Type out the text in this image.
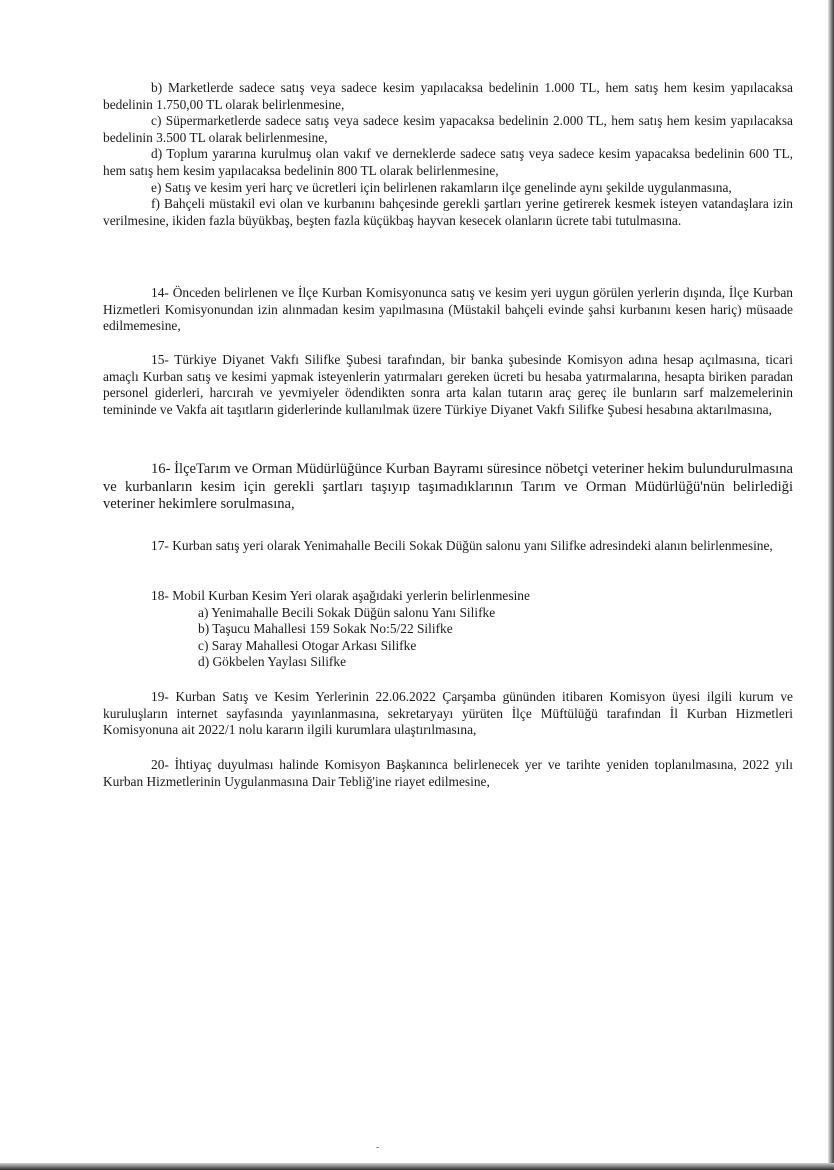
b) Marketlerde sadece satış veya sadece kesim yapılacaksa bedelinin 1.000 TL, hem satış hem kesim yapılacaksa bedelinin 1.750,00 TL olarak belirlenmesine,

c) Süpermarketlerde sadece satış veya sadece kesim yapacaksa bedelinin 2.000 TL, hem satış hem kesim yapılacaksa bedelinin 3.500 TL olarak belirlenmesine,

d) Toplum yararına kurulmuş olan vakıf ve derneklerde sadece satış veya sadece kesim yapacaksa bedelinin 600 TL, hem satış hem kesim yapılacaksa bedelinin 800 TL olarak belirlenmesine,

e) Satış ve kesim yeri harç ve ücretleri için belirlenen rakamların ilçe genelinde aynı şekilde uygulanmasına,

f) Bahçeli müstakil evi olan ve kurbanını bahçesinde gerekli şartları yerine getirerek kesmek isteyen vatandaşlara izin verilmesine, ikiden fazla büyükbaş, beşten fazla küçükbaş hayvan kesecek olanların ücrete tabi tutulmasına.

14- Önceden belirlenen ve İlçe Kurban Komisyonunca satış ve kesim yeri uygun görülen yerlerin dışında, İlçe Kurban Hizmetleri Komisyonundan izin alınmadan kesim yapılmasına (Müstakil bahçeli evinde şahsi kurbanını kesen hariç) müsaade edilmemesine,

15- Türkiye Diyanet Vakfı Silifke Şubesi tarafından, bir banka şubesinde Komisyon adına hesap açılmasına, ticari amaçlı Kurban satış ve kesimi yapmak isteyenlerin yatırmaları gereken ücreti bu hesaba yatırmalarına, hesapta biriken paradan personel giderleri, harcırah ve yevmiyeler ödendikten sonra arta kalan tutarın araç gereç ile bunların sarf malzemelerinin temininde ve Vakfa ait taşıtların giderlerinde kullanılmak üzere Türkiye Diyanet Vakfı Silifke Şubesi hesabına aktarılmasına,

16- İlçeTarım ve Orman Müdürlüğünce Kurban Bayramı süresince nöbetçi veteriner hekim bulundurulmasına ve kurbanların kesim için gerekli şartları taşıyıp taşımadıklarının Tarım ve Orman Müdürlüğü'nün belirlediği veteriner hekimlere sorulmasına,

17- Kurban satış yeri olarak Yenimahalle Becili Sokak Düğün salonu yanı Silifke adresindeki alanın belirlenmesine,

18- Mobil Kurban Kesim Yeri olarak aşağıdaki yerlerin belirlenmesine

a) Yenimahalle Becili Sokak Düğün salonu Yanı Silifke
b) Taşucu Mahallesi 159 Sokak No:5/22 Silifke
c) Saray Mahallesi Otogar Arkası Silifke
d) Gökbelen Yaylası Silifke

19- Kurban Satış ve Kesim Yerlerinin 22.06.2022 Çarşamba gününden itibaren Komisyon üyesi ilgili kurum ve kuruluşların internet sayfasında yayınlanmasına, sekretaryayı yürüten İlçe Müftülüğü tarafından İl Kurban Hizmetleri Komisyonuna ait 2022/1 nolu kararın ilgili kurumlara ulaştırılmasına,

20- İhtiyaç duyulması halinde Komisyon Başkanınca belirlenecek yer ve tarihte yeniden toplanılmasına, 2022 yılı Kurban Hizmetlerinin Uygulanmasına Dair Tebliğ'ine riayet edilmesine,

-
